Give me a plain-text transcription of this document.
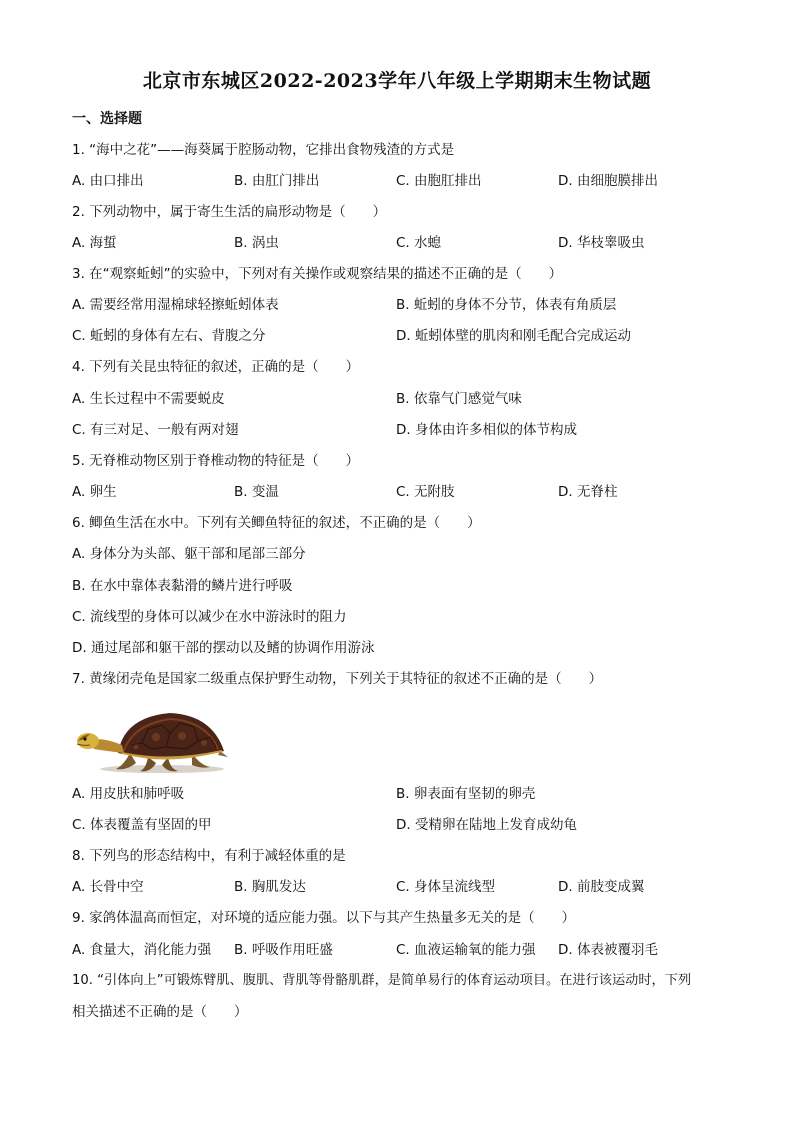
北京市东城区2022-2023学年八年级上学期期末生物试题
一、选择题
1. “海中之花”——海葵属于腔肠动物，它排出食物残渣的方式是
A. 由口排出	B. 由肛门排出	C. 由胞肛排出	D. 由细胞膜排出
2. 下列动物中，属于寄生生活的扁形动物是（　　）
A. 海蜇	B. 涡虫	C. 水螅	D. 华枝睾吸虫
3. 在“观察蚯蚓”的实验中，下列对有关操作或观察结果的描述不正确的是（　　）
A. 需要经常用湿棉球轻擦蚯蚓体表	B. 蚯蚓的身体不分节，体表有角质层
C. 蚯蚓的身体有左右、背腹之分	D. 蚯蚓体壁的肌肉和刚毛配合完成运动
4. 下列有关昆虫特征的叙述，正确的是（　　）
A. 生长过程中不需要蜕皮	B. 依靠气门感觉气味
C. 有三对足、一般有两对翅	D. 身体由许多相似的体节构成
5. 无脊椎动物区别于脊椎动物的特征是（　　）
A. 卵生	B. 变温	C. 无附肢	D. 无脊柱
6. 鲫鱼生活在水中。下列有关鲫鱼特征的叙述，不正确的是（　　）
A. 身体分为头部、躯干部和尾部三部分
B. 在水中靠体表黏滑的鳞片进行呼吸
C. 流线型的身体可以减少在水中游泳时的阻力
D. 通过尾部和躯干部的摆动以及鳍的协调作用游泳
7. 黄缘闭壳龟是国家二级重点保护野生动物，下列关于其特征的叙述不正确的是（　　）
A. 用皮肤和肺呼吸	B. 卵表面有坚韧的卵壳
C. 体表覆盖有坚固的甲	D. 受精卵在陆地上发育成幼龟
8. 下列鸟的形态结构中，有利于减轻体重的是
A. 长骨中空	B. 胸肌发达	C. 身体呈流线型	D. 前肢变成翼
9. 家鸽体温高而恒定，对环境的适应能力强。以下与其产生热量多无关的是（　　）
A. 食量大，消化能力强 B. 呼吸作用旺盛	C. 血液运输氧的能力强 D. 体表被覆羽毛
10. “引体向上”可锻炼臂肌、腹肌、背肌等骨骼肌群，是简单易行的体育运动项目。在进行该运动时，下列
相关描述不正确的是（　　）
